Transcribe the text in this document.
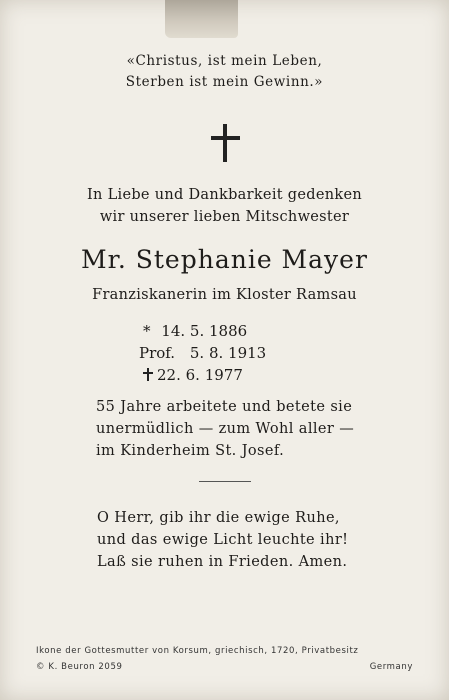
«Christus, ist mein Leben,
Sterben ist mein Gewinn.»
In Liebe und Dankbarkeit gedenken
wir unserer lieben Mitschwester
Mr. Stephanie Mayer
Franziskanerin im Kloster Ramsau
* 14. 5. 1886
Prof. 5. 8. 1913
22. 6. 1977
55 Jahre arbeitete und betete sie
unermüdlich — zum Wohl aller —
im Kinderheim St. Josef.
O Herr, gib ihr die ewige Ruhe,
und das ewige Licht leuchte ihr!
Laß sie ruhen in Frieden. Amen.
Ikone der Gottesmutter von Korsum, griechisch, 1720, Privatbesitz
© K. Beuron 2059	Germany
